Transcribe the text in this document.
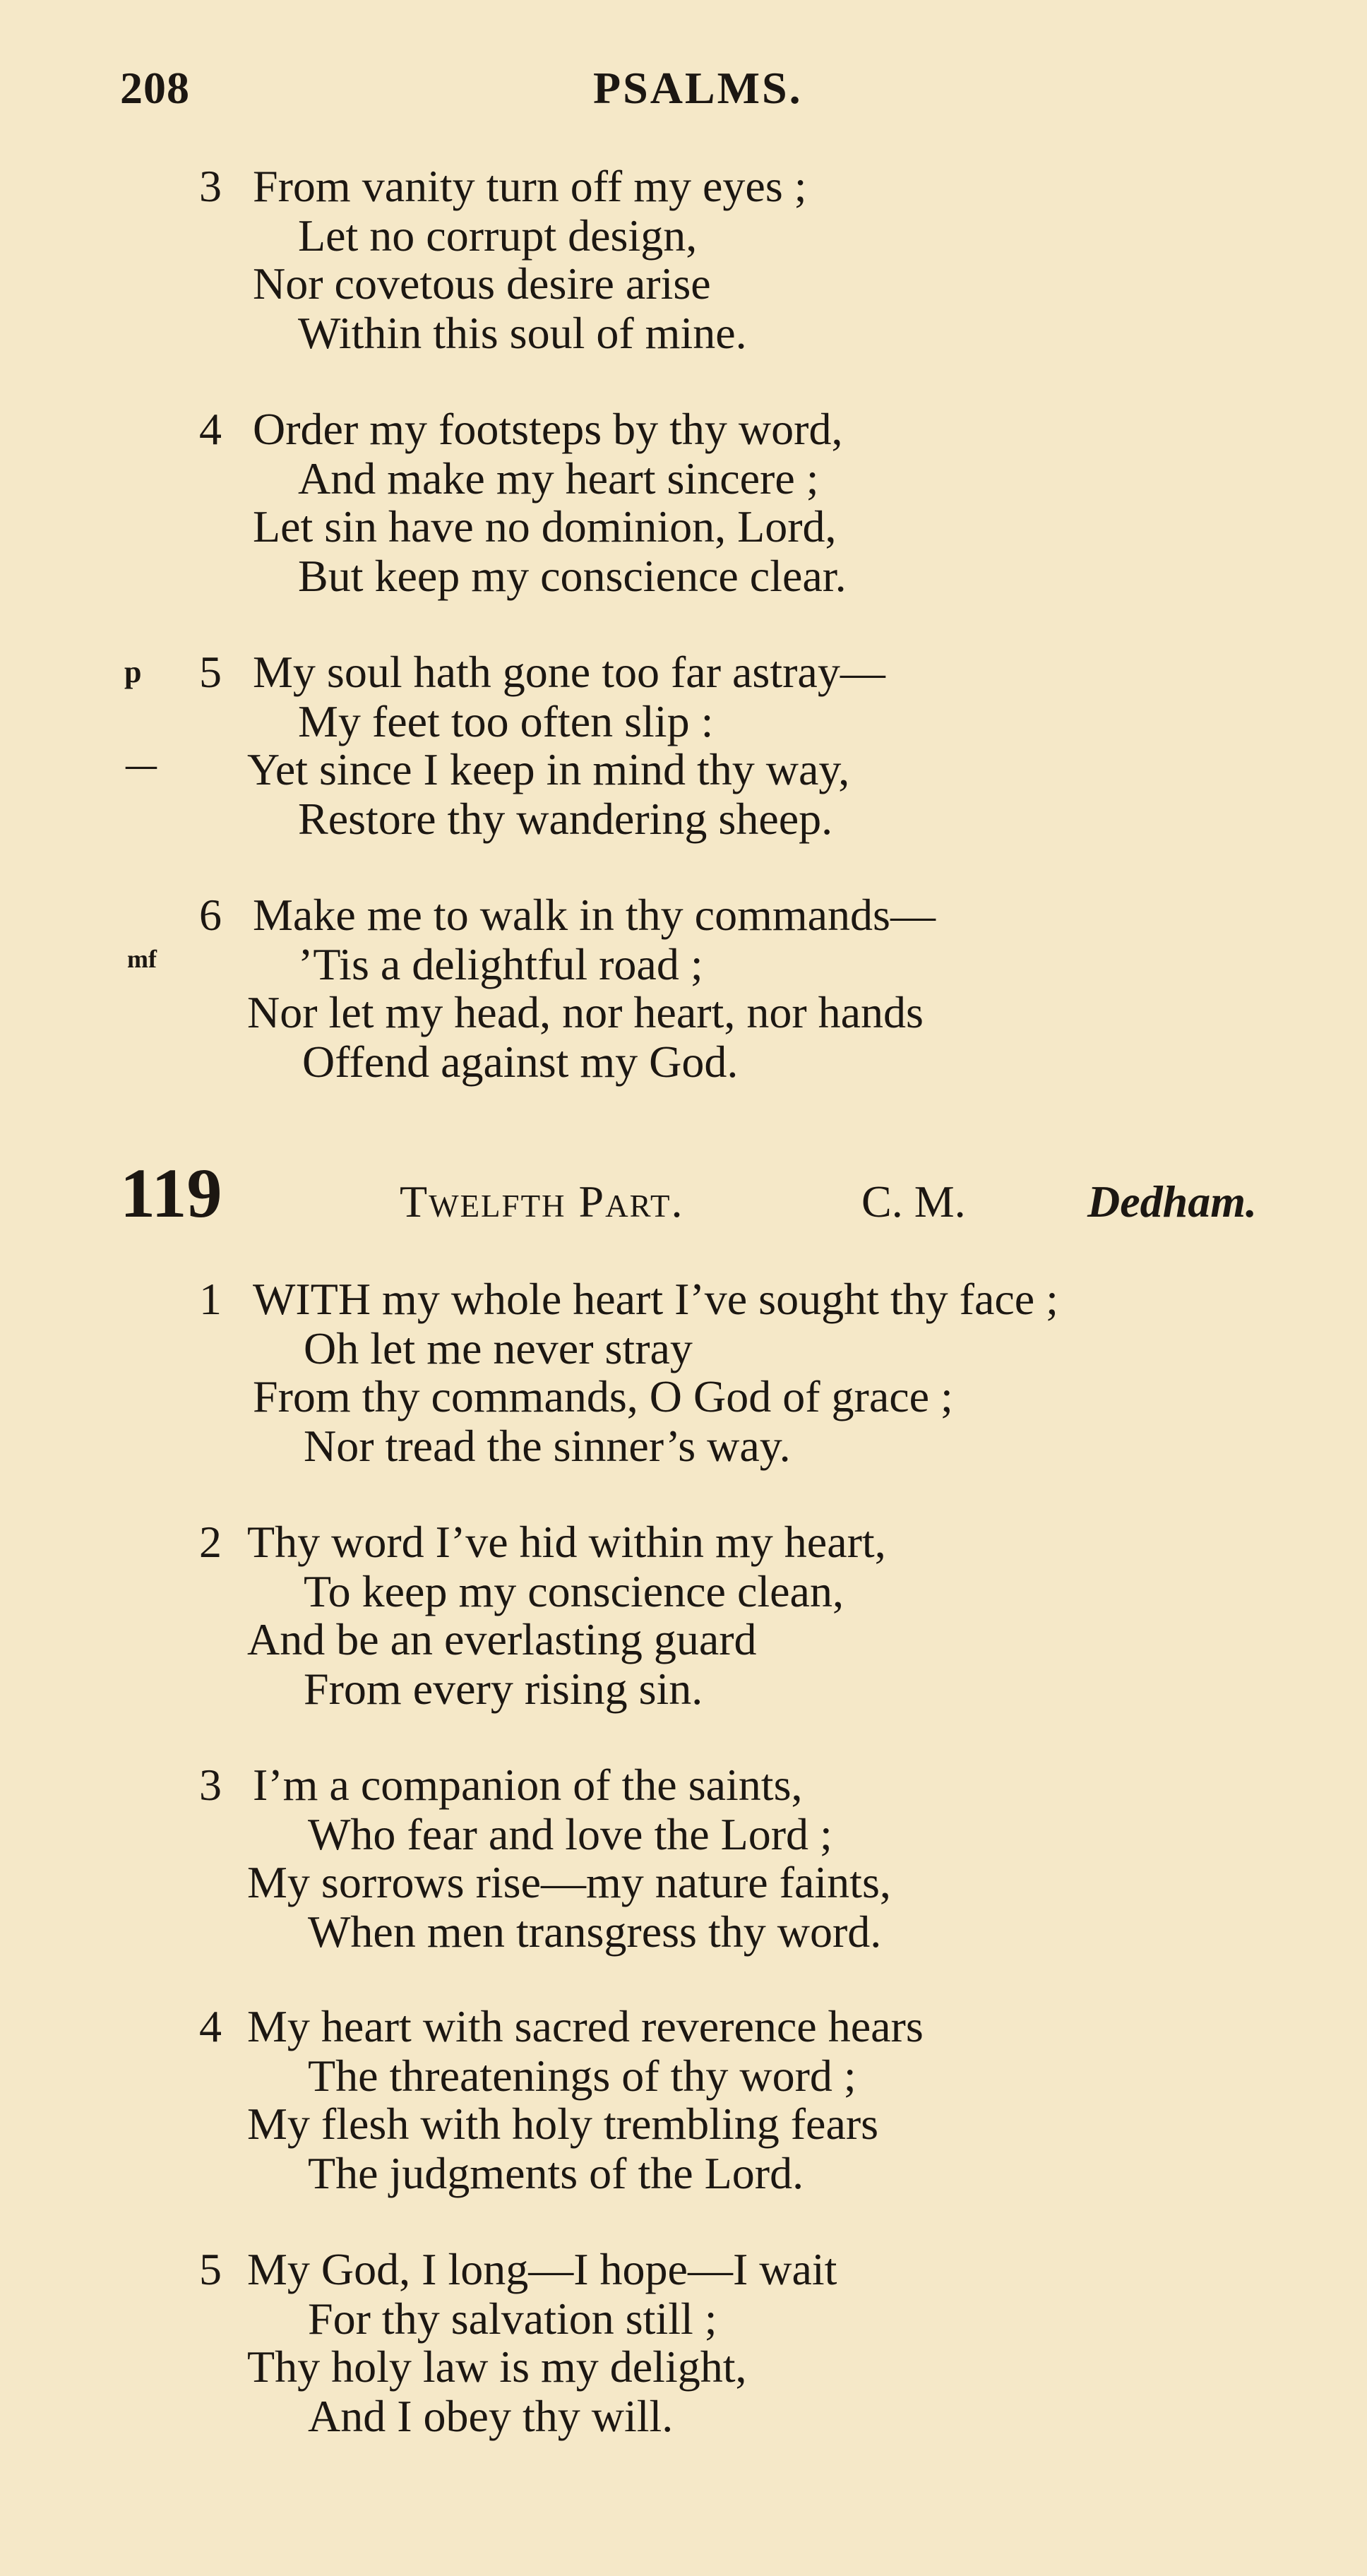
208	PSALMS.
3 From vanity turn off my eyes ;
Let no corrupt design,
Nor covetous desire arise
Within this soul of mine.
4 Order my footsteps by thy word,
And make my heart sincere ;
Let sin have no dominion, Lord,
But keep my conscience clear.
p 5 My soul hath gone too far astray—
My feet too often slip :
— Yet since I keep in mind thy way,
Restore thy wandering sheep.
6 Make me to walk in thy commands—
mf	’Tis a delightful road ;
Nor let my head, nor heart, nor hands
Offend against my God.
119	Twelfth Part.	C. M.	Dedham.
1 WITH my whole heart I’ve sought thy face ;
Oh let me never stray
From thy commands, O God of grace ;
Nor tread the sinner’s way.
2 Thy word I’ve hid within my heart,
To keep my conscience clean,
And be an everlasting guard
From every rising sin.
3 I’m a companion of the saints,
Who fear and love the Lord ;
My sorrows rise—my nature faints,
When men transgress thy word.
4 My heart with sacred reverence hears
The threatenings of thy word ;
My flesh with holy trembling fears
The judgments of the Lord.
5 My God, I long—I hope—I wait
For thy salvation still ;
Thy holy law is my delight,
And I obey thy will.
